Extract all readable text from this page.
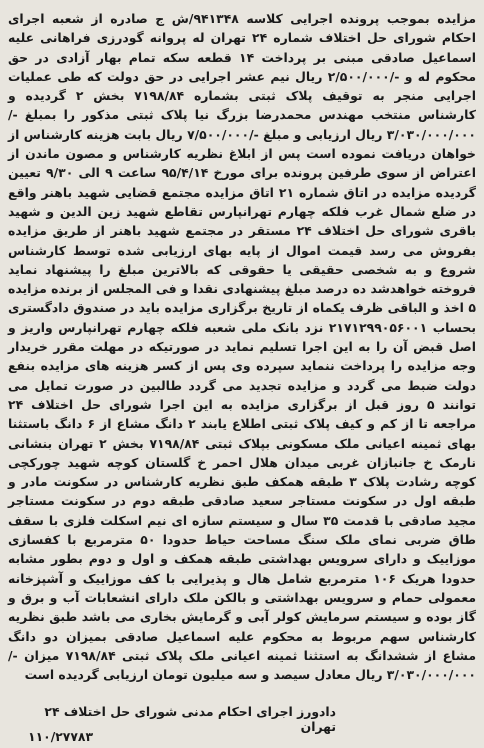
مزایده بموجب پرونده اجرایی کلاسه ۹۴۱۳۴۸/ش ج صادره از شعبه اجرای احکام شورای حل اختلاف شماره ۲۴ تهران له پروانه گودرزی فراهانی علیه اسماعیل صادقی مبنی بر پرداخت ۱۴ قطعه سکه تمام بهار آزادی در حق محکوم له و -/۲/۵۰۰/۰۰۰ ریال نیم عشر اجرایی در حق دولت که طی عملیات اجرایی منجر به توقیف پلاک ثبتی بشماره ۷۱۹۸/۸۴ بخش ۲ گردیده و کارشناس منتخب مهندس محمدرضا بزرگ نیا پلاک ثبتی مذکور را بمبلغ -/۳/۰۳۰/۰۰۰/۰۰۰ ریال ارزیابی و مبلغ -/۷/۵۰۰/۰۰۰ ریال بابت هزینه کارشناس از خواهان دریافت نموده است پس از ابلاغ نظریه کارشناس و مصون ماندن از اعتراض از سوی طرفین پرونده برای مورخ ۹۵/۴/۱۴ ساعت ۹ الی ۹/۳۰ تعیین گردیده مزایده در اتاق شماره ۲۱ اتاق مزایده مجتمع قضایی شهید باهنر واقع در ضلع شمال غرب فلکه چهارم تهرانپارس تقاطع شهید زین الدین و شهید باقری شورای حل اختلاف ۲۴ مستقر در مجتمع شهید باهنر از طریق مزایده بفروش می رسد قیمت اموال از پایه بهای ارزیابی شده توسط کارشناس شروع و به شخصی حقیقی یا حقوقی که بالاترین مبلغ را پیشنهاد نماید فروخته خواهدشد ده درصد مبلغ پیشنهادی نقدا و فی المجلس از برنده مزایده ۵ اخذ و الباقی ظرف یکماه از تاریخ برگزاری مزایده باید در صندوق دادگستری بحساب ۲۱۷۱۲۹۹۰۵۶۰۰۱ نزد بانک ملی شعبه فلکه چهارم تهرانپارس واریز و اصل قبض آن را به این اجرا تسلیم نماید در صورتیکه در مهلت مقرر خریدار وجه مزایده را پرداخت ننماید سپرده وی پس از کسر هزینه های مزایده بنفع دولت ضبط می گردد و مزایده تجدید می گردد طالبین در صورت تمایل می توانند ۵ روز قبل از برگزاری مزایده به این اجرا شورای حل اختلاف ۲۴ مراجعه تا از کم و کیف پلاک ثبتی اطلاع یابند ۲ دانگ مشاع از ۶ دانگ باستثنا بهای ثمینه اعیانی ملک مسکونی بپلاک ثبتی ۷۱۹۸/۸۴ بخش ۲ تهران بنشانی نارمک خ جانبازان غربی میدان هلال احمر خ گلستان کوچه شهید چورکچی کوچه رشادت پلاک ۳ طبقه همکف طبق نظریه کارشناس در سکونت مادر و طبقه اول در سکونت مستاجر سعید صادقی طبقه دوم در سکونت مستاجر مجید صادقی با قدمت ۳۵ سال و سیستم سازه ای نیم اسکلت فلزی با سقف طاق ضربی نمای ملک سنگ مساحت حیاط حدودا ۵۰ مترمربع با کفسازی موزاییک و دارای سرویس بهداشتی طبقه همکف و اول و دوم بطور مشابه حدودا هریک ۱۰۶ مترمربع شامل هال و پذیرایی با کف موزاییک و آشپزخانه معمولی حمام و سرویس بهداشتی و بالکن ملک دارای انشعابات آب و برق و گاز بوده و سیستم سرمایش کولر آبی و گرمایش بخاری می باشد طبق نظریه کارشناس سهم مربوط به محکوم علیه اسماعیل صادقی بمیزان دو دانگ مشاع از ششدانگ به استثنا ثمینه اعیانی ملک پلاک ثبتی ۷۱۹۸/۸۴ میزان -/۳/۰۳۰/۰۰۰/۰۰۰ ریال معادل سیصد و سه میلیون تومان ارزیابی گردیده است

دادورز اجرای احکام مدنی شورای حل اختلاف ۲۴ تهران
۱۱۰/۲۷۷۸۳
